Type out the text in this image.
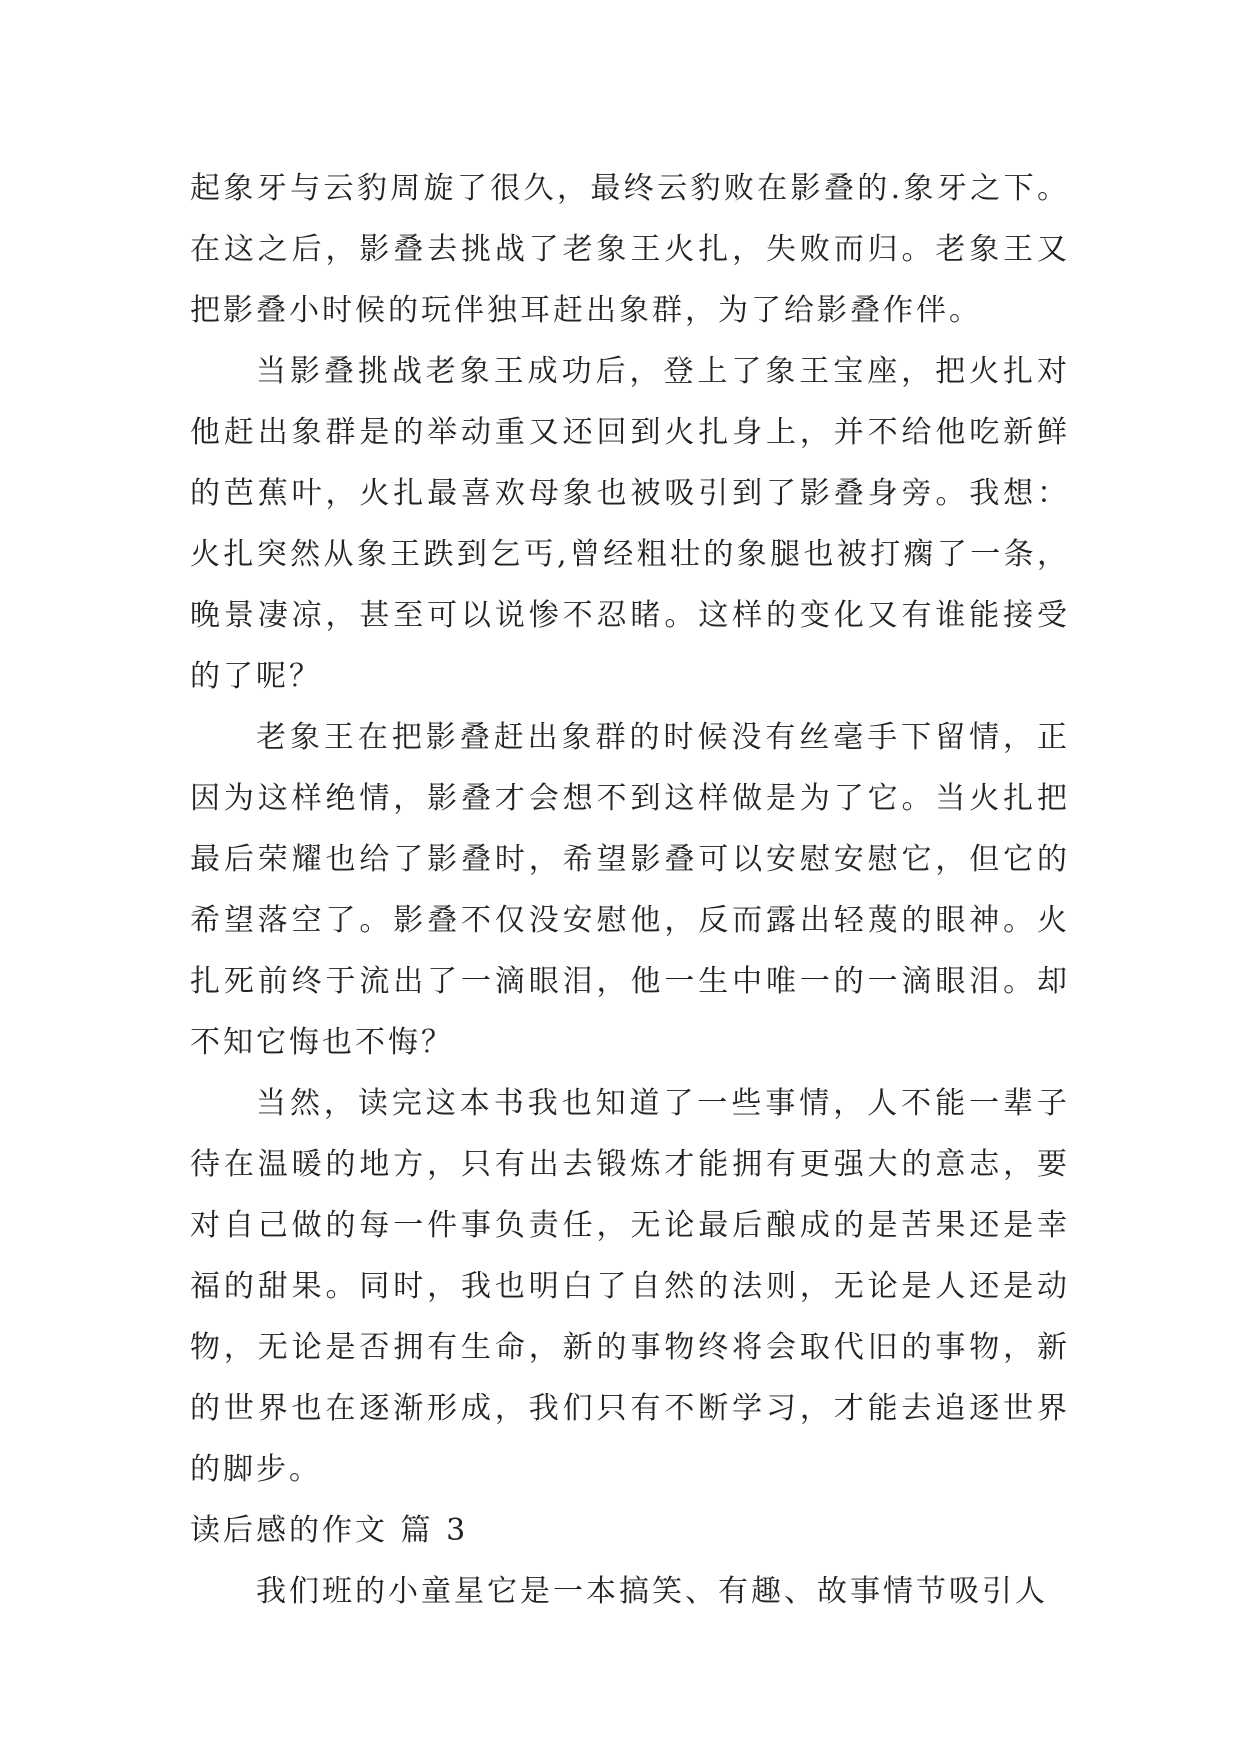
起象牙与云豹周旋了很久，最终云豹败在影叠的.象牙之下。在这之后，影叠去挑战了老象王火扎，失败而归。老象王又把影叠小时候的玩伴独耳赶出象群，为了给影叠作伴。

当影叠挑战老象王成功后，登上了象王宝座，把火扎对他赶出象群是的举动重又还回到火扎身上，并不给他吃新鲜的芭蕉叶，火扎最喜欢母象也被吸引到了影叠身旁。我想：火扎突然从象王跌到乞丐,曾经粗壮的象腿也被打瘸了一条，晚景凄凉，甚至可以说惨不忍睹。这样的变化又有谁能接受的了呢？

老象王在把影叠赶出象群的时候没有丝毫手下留情，正因为这样绝情，影叠才会想不到这样做是为了它。当火扎把最后荣耀也给了影叠时，希望影叠可以安慰安慰它，但它的希望落空了。影叠不仅没安慰他，反而露出轻蔑的眼神。火扎死前终于流出了一滴眼泪，他一生中唯一的一滴眼泪。却不知它悔也不悔？

当然，读完这本书我也知道了一些事情，人不能一辈子待在温暖的地方，只有出去锻炼才能拥有更强大的意志，要对自己做的每一件事负责任，无论最后酿成的是苦果还是幸福的甜果。同时，我也明白了自然的法则，无论是人还是动物，无论是否拥有生命，新的事物终将会取代旧的事物，新的世界也在逐渐形成，我们只有不断学习，才能去追逐世界的脚步。

读后感的作文 篇 3

我们班的小童星它是一本搞笑、有趣、故事情节吸引人
